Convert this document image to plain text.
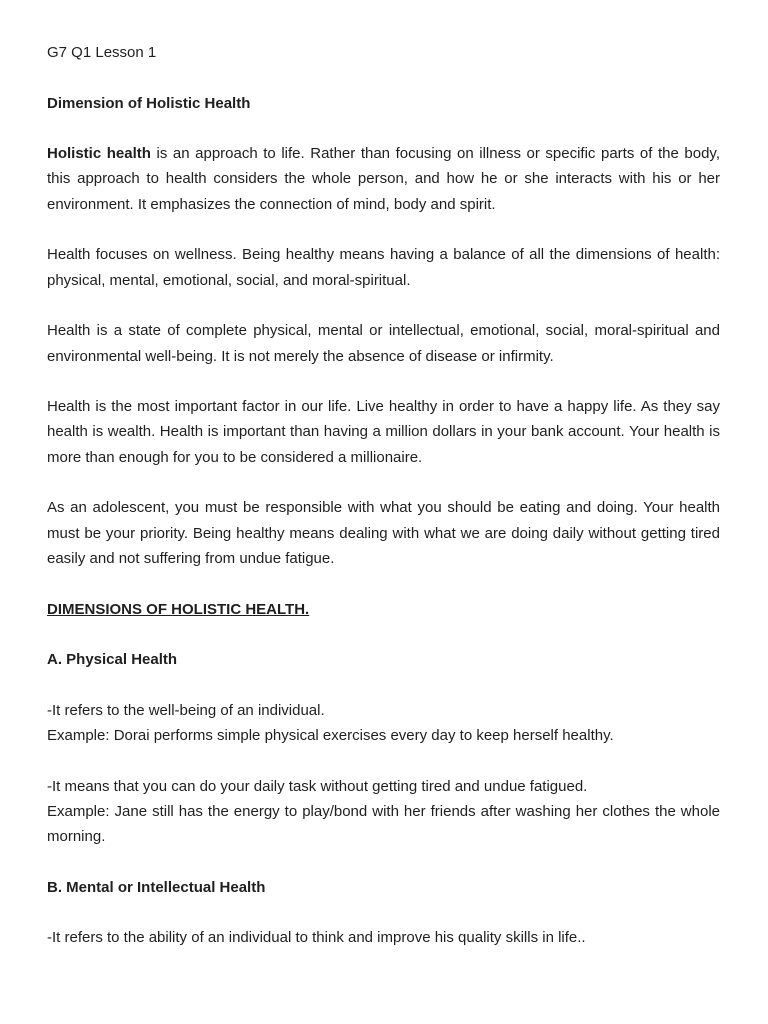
G7 Q1 Lesson 1
Dimension of Holistic Health

Holistic health is an approach to life. Rather than focusing on illness or specific parts of the body, this approach to health considers the whole person, and how he or she interacts with his or her environment. It emphasizes the connection of mind, body and spirit.

Health focuses on wellness. Being healthy means having a balance of all the dimensions of health: physical, mental, emotional, social, and moral-spiritual.

Health is a state of complete physical, mental or intellectual, emotional, social, moral-spiritual and environmental well-being. It is not merely the absence of disease or infirmity.

Health is the most important factor in our life. Live healthy in order to have a happy life. As they say health is wealth. Health is important than having a million dollars in your bank account. Your health is more than enough for you to be considered a millionaire.

As an adolescent, you must be responsible with what you should be eating and doing. Your health must be your priority. Being healthy means dealing with what we are doing daily without getting tired easily and not suffering from undue fatigue.

DIMENSIONS OF HOLISTIC HEALTH.
A. Physical Health

-It refers to the well-being of an individual.

Example: Dorai performs simple physical exercises every day to keep herself healthy.

-It means that you can do your daily task without getting tired and undue fatigued.

Example: Jane still has the energy to play/bond with her friends after washing her clothes the whole morning.

B. Mental or Intellectual Health

-It refers to the ability of an individual to think and improve his quality skills in life..
